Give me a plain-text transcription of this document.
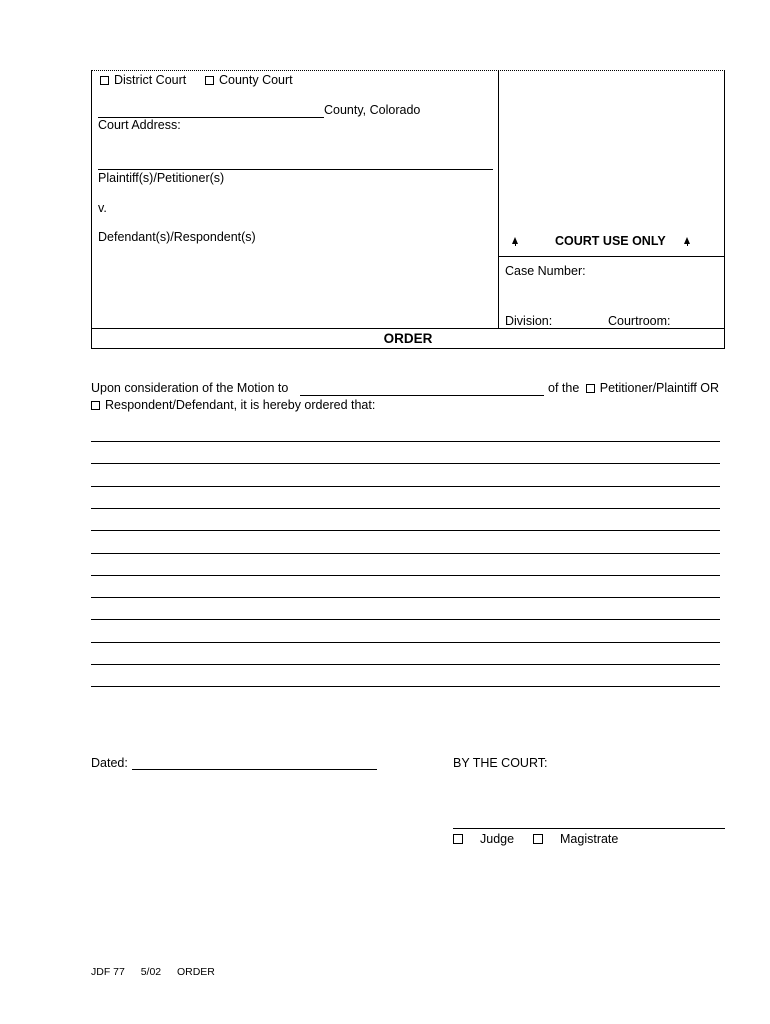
District Court	County Court
County, Colorado
Court Address:
Plaintiff(s)/Petitioner(s)
v.
Defendant(s)/Respondent(s)	COURT USE ONLY
Case Number:
Division:	Courtroom:
ORDER
Upon consideration of the Motion to	of the Petitioner/Plaintiff OR
Respondent/Defendant, it is hereby ordered that:
Dated:	BY THE COURT:
Judge	Magistrate
JDF 77 5/02 ORDER
